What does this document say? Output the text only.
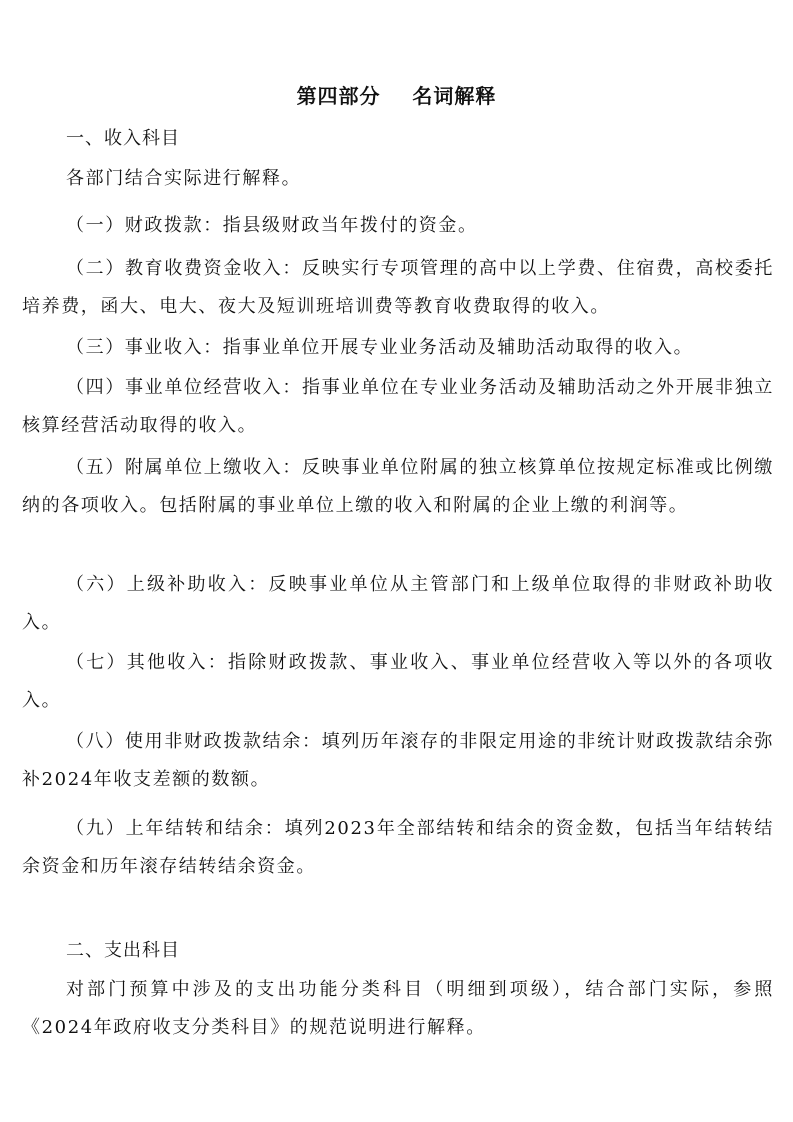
第四部分    名词解释
一、收入科目

各部门结合实际进行解释。

（一）财政拨款：指县级财政当年拨付的资金。

（二）教育收费资金收入：反映实行专项管理的高中以上学费、住宿费，高校委托培养费，函大、电大、夜大及短训班培训费等教育收费取得的收入。

（三）事业收入：指事业单位开展专业业务活动及辅助活动取得的收入。

（四）事业单位经营收入：指事业单位在专业业务活动及辅助活动之外开展非独立核算经营活动取得的收入。

（五）附属单位上缴收入：反映事业单位附属的独立核算单位按规定标准或比例缴纳的各项收入。包括附属的事业单位上缴的收入和附属的企业上缴的利润等。

（六）上级补助收入：反映事业单位从主管部门和上级单位取得的非财政补助收入。

（七）其他收入：指除财政拨款、事业收入、事业单位经营收入等以外的各项收入。

（八）使用非财政拨款结余：填列历年滚存的非限定用途的非统计财政拨款结余弥补2024年收支差额的数额。

（九）上年结转和结余：填列2023年全部结转和结余的资金数，包括当年结转结余资金和历年滚存结转结余资金。

二、支出科目

对部门预算中涉及的支出功能分类科目（明细到项级），结合部门实际，参照《2024年政府收支分类科目》的规范说明进行解释。
